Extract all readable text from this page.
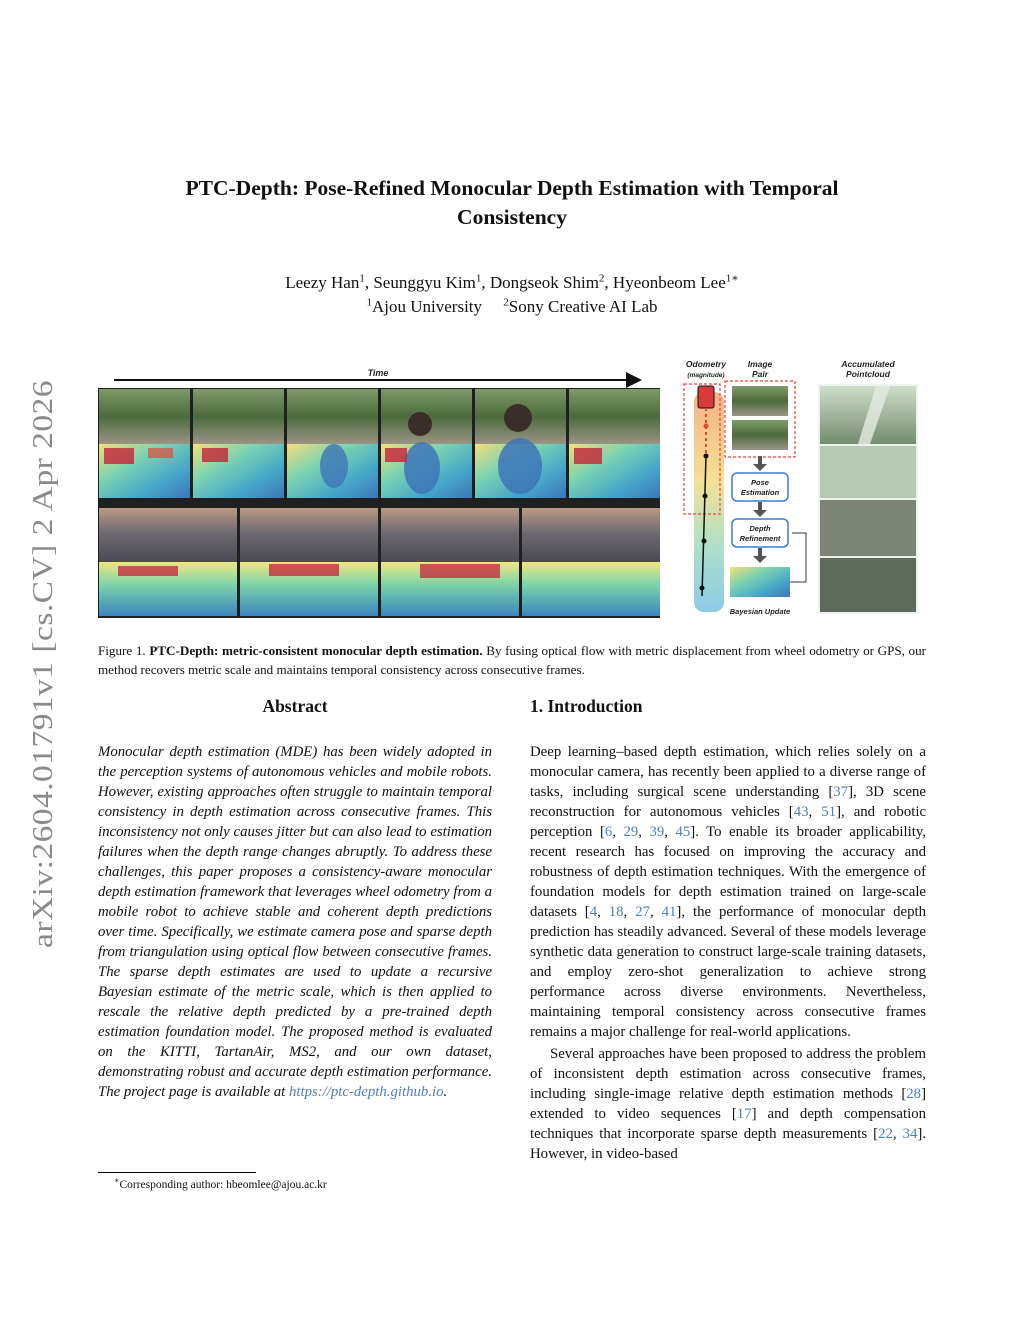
arXiv:2604.01791v1 [cs.CV] 2 Apr 2026
PTC-Depth: Pose-Refined Monocular Depth Estimation with Temporal
Consistency
Leezy Han$^1$, Seunggyu Kim$^1$, Dongseok Shim$^2$, Hyeonbeom Lee$^{1∗}$
$^1$Ajou University $^2$Sony Creative AI Lab
Time
Odometry
(magnitude)
Image
Pair
Pose
Estimation
Depth
Refinement
Bayesian Update
Accumulated
Pointcloud
Figure 1. PTC-Depth: metric-consistent monocular depth estimation. By fusing optical flow with metric displacement from wheel odometry or GPS, our method recovers metric scale and maintains temporal consistency across consecutive frames.
Abstract

Monocular depth estimation (MDE) has been widely adopted in the perception systems of autonomous vehicles and mobile robots. However, existing approaches often struggle to maintain temporal consistency in depth estimation across consecutive frames. This inconsistency not only causes jitter but can also lead to estimation failures when the depth range changes abruptly. To address these challenges, this paper proposes a consistency-aware monocular depth estimation framework that leverages wheel odometry from a mobile robot to achieve stable and coherent depth predictions over time. Specifically, we estimate camera pose and sparse depth from triangulation using optical flow between consecutive frames. The sparse depth estimates are used to update a recursive Bayesian estimate of the metric scale, which is then applied to rescale the relative depth predicted by a pre-trained depth estimation foundation model. The proposed method is evaluated on the KITTI, TartanAir, MS2, and our own dataset, demonstrating robust and accurate depth estimation performance. The project page is available at https://ptc-depth.github.io.

1. Introduction

Deep learning–based depth estimation, which relies solely on a monocular camera, has recently been applied to a diverse range of tasks, including surgical scene understanding [37], 3D scene reconstruction for autonomous vehicles [43, 51], and robotic perception [6, 29, 39, 45]. To enable its broader applicability, recent research has focused on improving the accuracy and robustness of depth estimation techniques. With the emergence of foundation models for depth estimation trained on large-scale datasets [4, 18, 27, 41], the performance of monocular depth prediction has steadily advanced. Several of these models leverage synthetic data generation to construct large-scale training datasets, and employ zero-shot generalization to achieve strong performance across diverse environments. Nevertheless, maintaining temporal consistency across consecutive frames remains a major challenge for real-world applications.

Several approaches have been proposed to address the problem of inconsistent depth estimation across consecutive frames, including single-image relative depth estimation methods [28] extended to video sequences [17] and depth compensation techniques that incorporate sparse depth measurements [22, 34]. However, in video-based

∗Corresponding author: hbeomlee@ajou.ac.kr
